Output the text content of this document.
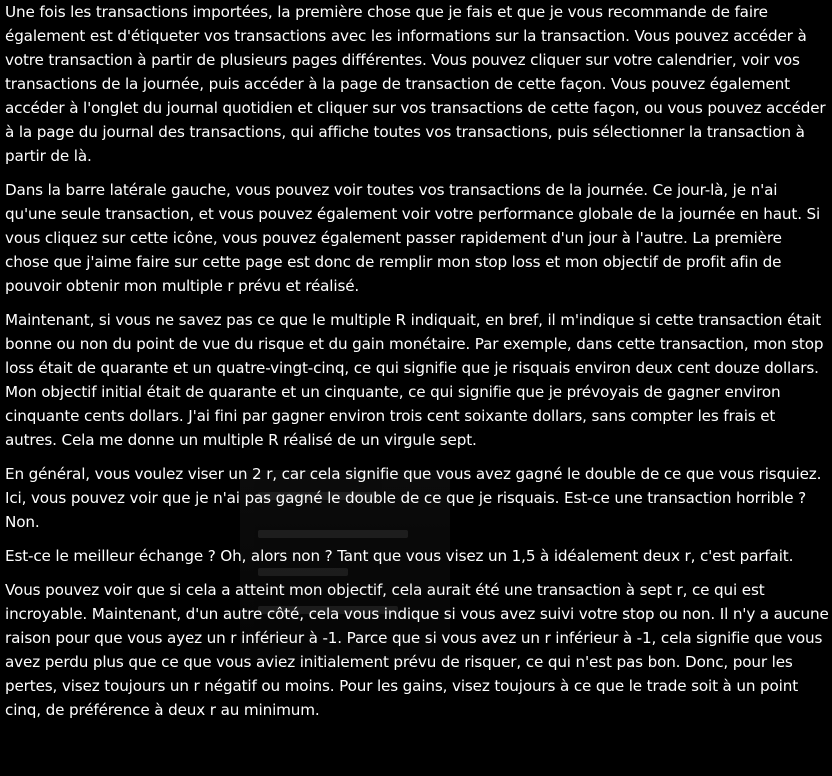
Une fois les transactions importées, la première chose que je fais et que je vous recommande de faire également est d'étiqueter vos transactions avec les informations sur la transaction. Vous pouvez accéder à votre transaction à partir de plusieurs pages différentes. Vous pouvez cliquer sur votre calendrier, voir vos transactions de la journée, puis accéder à la page de transaction de cette façon. Vous pouvez également accéder à l'onglet du journal quotidien et cliquer sur vos transactions de cette façon, ou vous pouvez accéder à la page du journal des transactions, qui affiche toutes vos transactions, puis sélectionner la transaction à partir de là.

Dans la barre latérale gauche, vous pouvez voir toutes vos transactions de la journée. Ce jour-là, je n'ai qu'une seule transaction, et vous pouvez également voir votre performance globale de la journée en haut. Si vous cliquez sur cette icône, vous pouvez également passer rapidement d'un jour à l'autre. La première chose que j'aime faire sur cette page est donc de remplir mon stop loss et mon objectif de profit afin de pouvoir obtenir mon multiple r prévu et réalisé.

Maintenant, si vous ne savez pas ce que le multiple R indiquait, en bref, il m'indique si cette transaction était bonne ou non du point de vue du risque et du gain monétaire. Par exemple, dans cette transaction, mon stop loss était de quarante et un quatre-vingt-cinq, ce qui signifie que je risquais environ deux cent douze dollars. Mon objectif initial était de quarante et un cinquante, ce qui signifie que je prévoyais de gagner environ cinquante cents dollars. J'ai fini par gagner environ trois cent soixante dollars, sans compter les frais et autres. Cela me donne un multiple R réalisé de un virgule sept.

En général, vous voulez viser un 2 r, car cela signifie que vous avez gagné le double de ce que vous risquiez. Ici, vous pouvez voir que je n'ai pas gagné le double de ce que je risquais. Est-ce une transaction horrible ? Non.

Est-ce le meilleur échange ? Oh, alors non ? Tant que vous visez un 1,5 à idéalement deux r, c'est parfait.

Vous pouvez voir que si cela a atteint mon objectif, cela aurait été une transaction à sept r, ce qui est incroyable. Maintenant, d'un autre côté, cela vous indique si vous avez suivi votre stop ou non. Il n'y a aucune raison pour que vous ayez un r inférieur à -1. Parce que si vous avez un r inférieur à -1, cela signifie que vous avez perdu plus que ce que vous aviez initialement prévu de risquer, ce qui n'est pas bon. Donc, pour les pertes, visez toujours un r négatif ou moins. Pour les gains, visez toujours à ce que le trade soit à un point cinq, de préférence à deux r au minimum.
